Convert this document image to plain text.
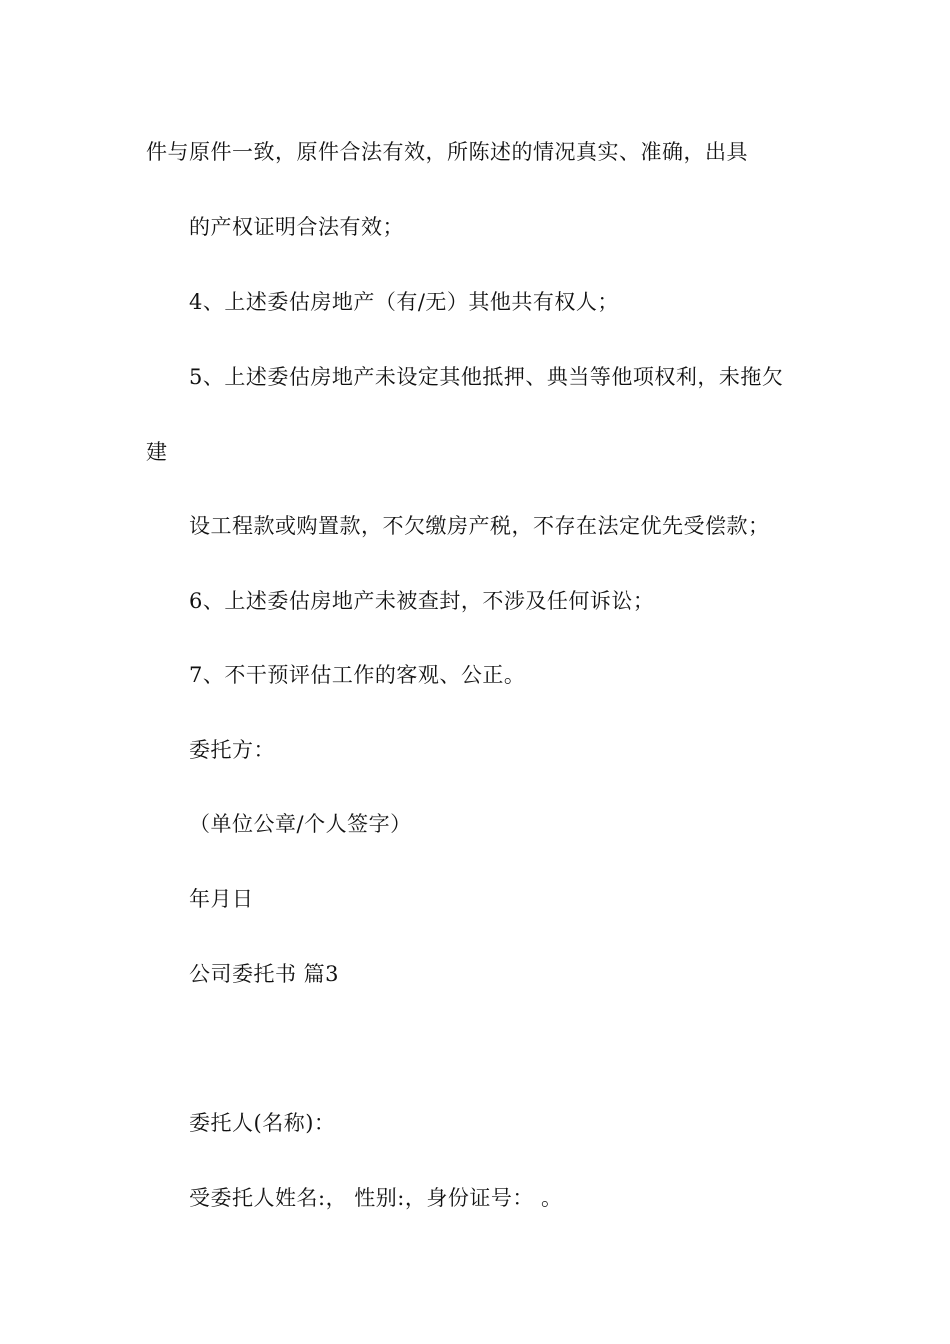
件与原件一致，原件合法有效，所陈述的情况真实、准确，出具
的产权证明合法有效；
4、上述委估房地产（有/无）其他共有权人；
5、上述委估房地产未设定其他抵押、典当等他项权利，未拖欠
建
设工程款或购置款，不欠缴房产税，不存在法定优先受偿款；
6、上述委估房地产未被查封，不涉及任何诉讼；
7、不干预评估工作的客观、公正。
委托方：
（单位公章/个人签字）
年月日
公司委托书 篇3
委托人(名称)：
受委托人姓名:， 性别:，身份证号： 。
